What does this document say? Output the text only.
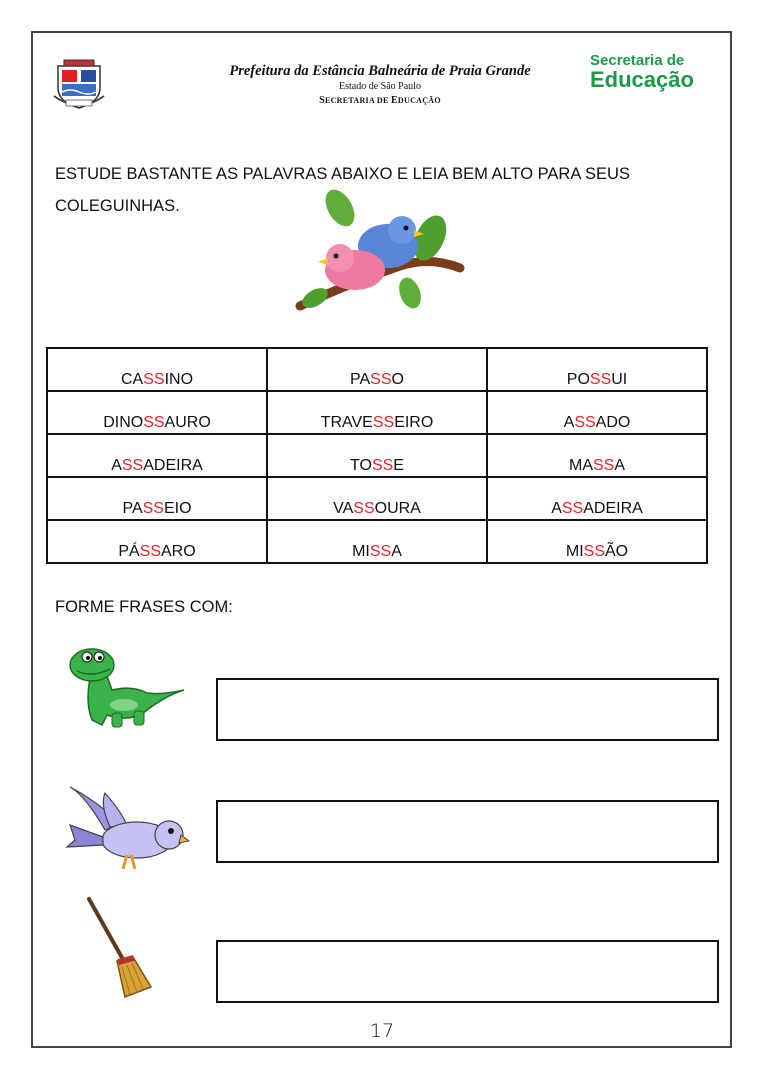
Prefeitura da Estância Balneária de Praia Grande
Estado de São Paulo
SECRETARIA DE EDUCAÇÃO
Secretaria de
Educação
ESTUDE BASTANTE AS PALAVRAS ABAIXO E LEIA BEM ALTO PARA SEUS COLEGUINHAS.
CASSINO	PASSO	POSSUI
DINOSSAURO	TRAVESSEIRO	ASSADO
ASSADEIRA	TOSSE	MASSA
PASSEIO	VASSOURA	ASSADEIRA
PÁSSARO	MISSA	MISSÃO
FORME FRASES COM:
17
